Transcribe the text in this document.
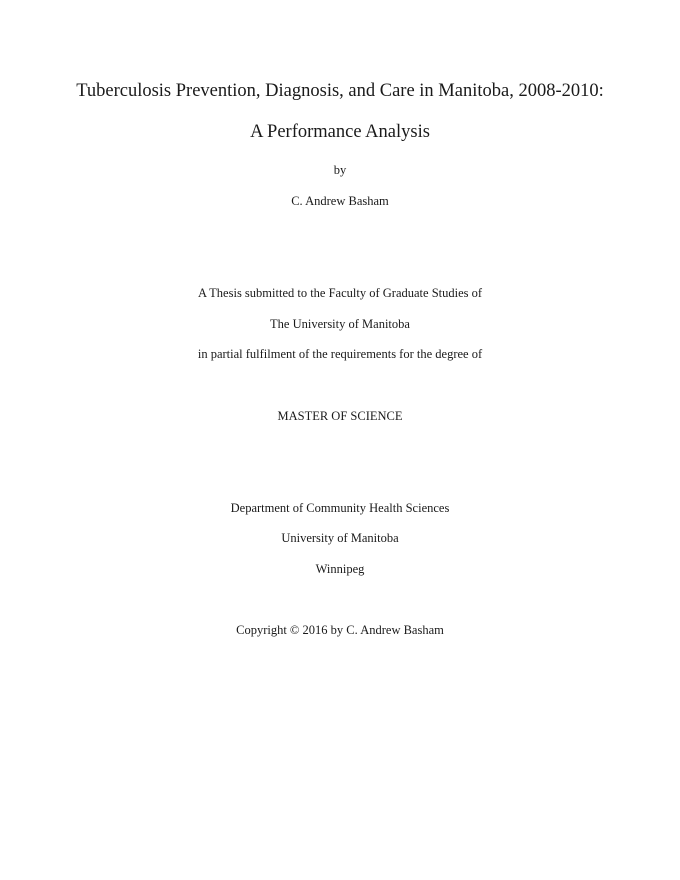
Tuberculosis Prevention, Diagnosis, and Care in Manitoba, 2008-2010:
A Performance Analysis
by
C. Andrew Basham
A Thesis submitted to the Faculty of Graduate Studies of
The University of Manitoba
in partial fulfilment of the requirements for the degree of
MASTER OF SCIENCE
Department of Community Health Sciences
University of Manitoba
Winnipeg
Copyright © 2016 by C. Andrew Basham
